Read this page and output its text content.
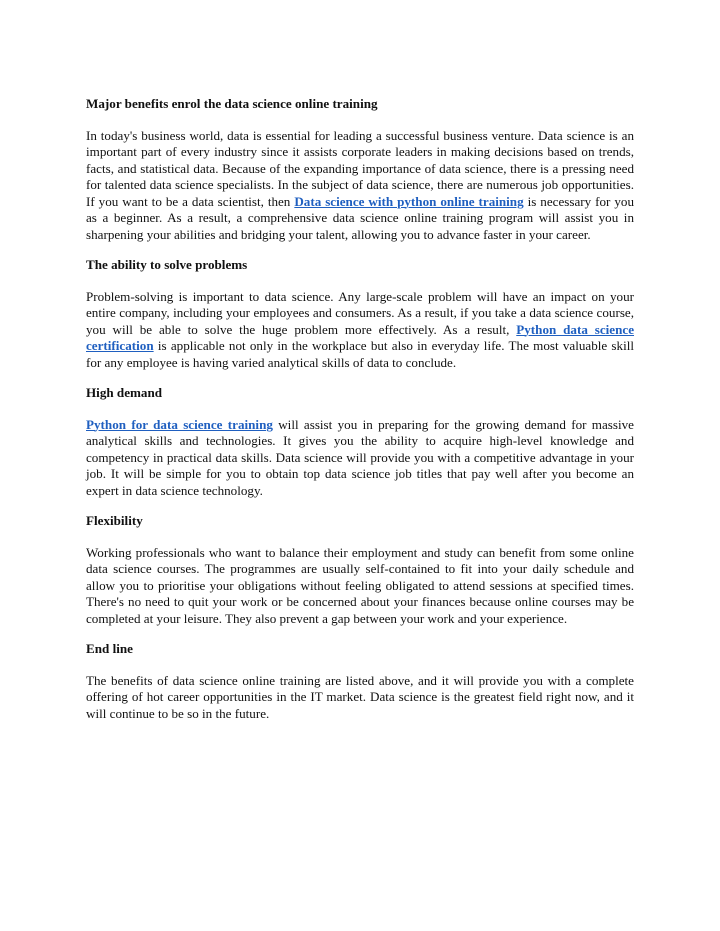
Major benefits enrol the data science online training

In today's business world, data is essential for leading a successful business venture. Data science is an important part of every industry since it assists corporate leaders in making decisions based on trends, facts, and statistical data. Because of the expanding importance of data science, there is a pressing need for talented data science specialists. In the subject of data science, there are numerous job opportunities. If you want to be a data scientist, then Data science with python online training is necessary for you as a beginner. As a result, a comprehensive data science online training program will assist you in sharpening your abilities and bridging your talent, allowing you to advance faster in your career.

The ability to solve problems

Problem-solving is important to data science. Any large-scale problem will have an impact on your entire company, including your employees and consumers. As a result, if you take a data science course, you will be able to solve the huge problem more effectively. As a result, Python data science certification is applicable not only in the workplace but also in everyday life. The most valuable skill for any employee is having varied analytical skills of data to conclude.

High demand

Python for data science training will assist you in preparing for the growing demand for massive analytical skills and technologies. It gives you the ability to acquire high-level knowledge and competency in practical data skills. Data science will provide you with a competitive advantage in your job. It will be simple for you to obtain top data science job titles that pay well after you become an expert in data science technology.

Flexibility

Working professionals who want to balance their employment and study can benefit from some online data science courses. The programmes are usually self-contained to fit into your daily schedule and allow you to prioritise your obligations without feeling obligated to attend sessions at specified times. There's no need to quit your work or be concerned about your finances because online courses may be completed at your leisure. They also prevent a gap between your work and your experience.

End line

The benefits of data science online training are listed above, and it will provide you with a complete offering of hot career opportunities in the IT market. Data science is the greatest field right now, and it will continue to be so in the future.
